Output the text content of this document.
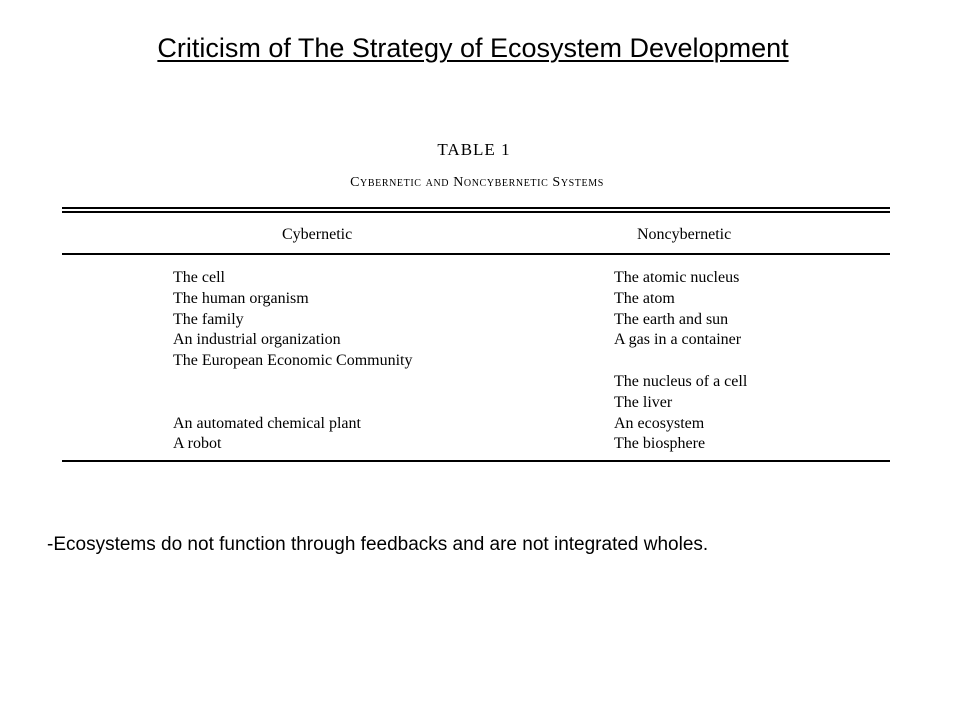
Criticism of The Strategy of Ecosystem Development
TABLE 1
Cybernetic and Noncybernetic Systems
Cybernetic	Noncybernetic
The cell
The human organism
The family
An industrial organization
The European Economic Community
An automated chemical plant
A robot
The atomic nucleus
The atom
The earth and sun
A gas in a container
The nucleus of a cell
The liver
An ecosystem
The biosphere

-Ecosystems do not function through feedbacks and are not integrated wholes.
